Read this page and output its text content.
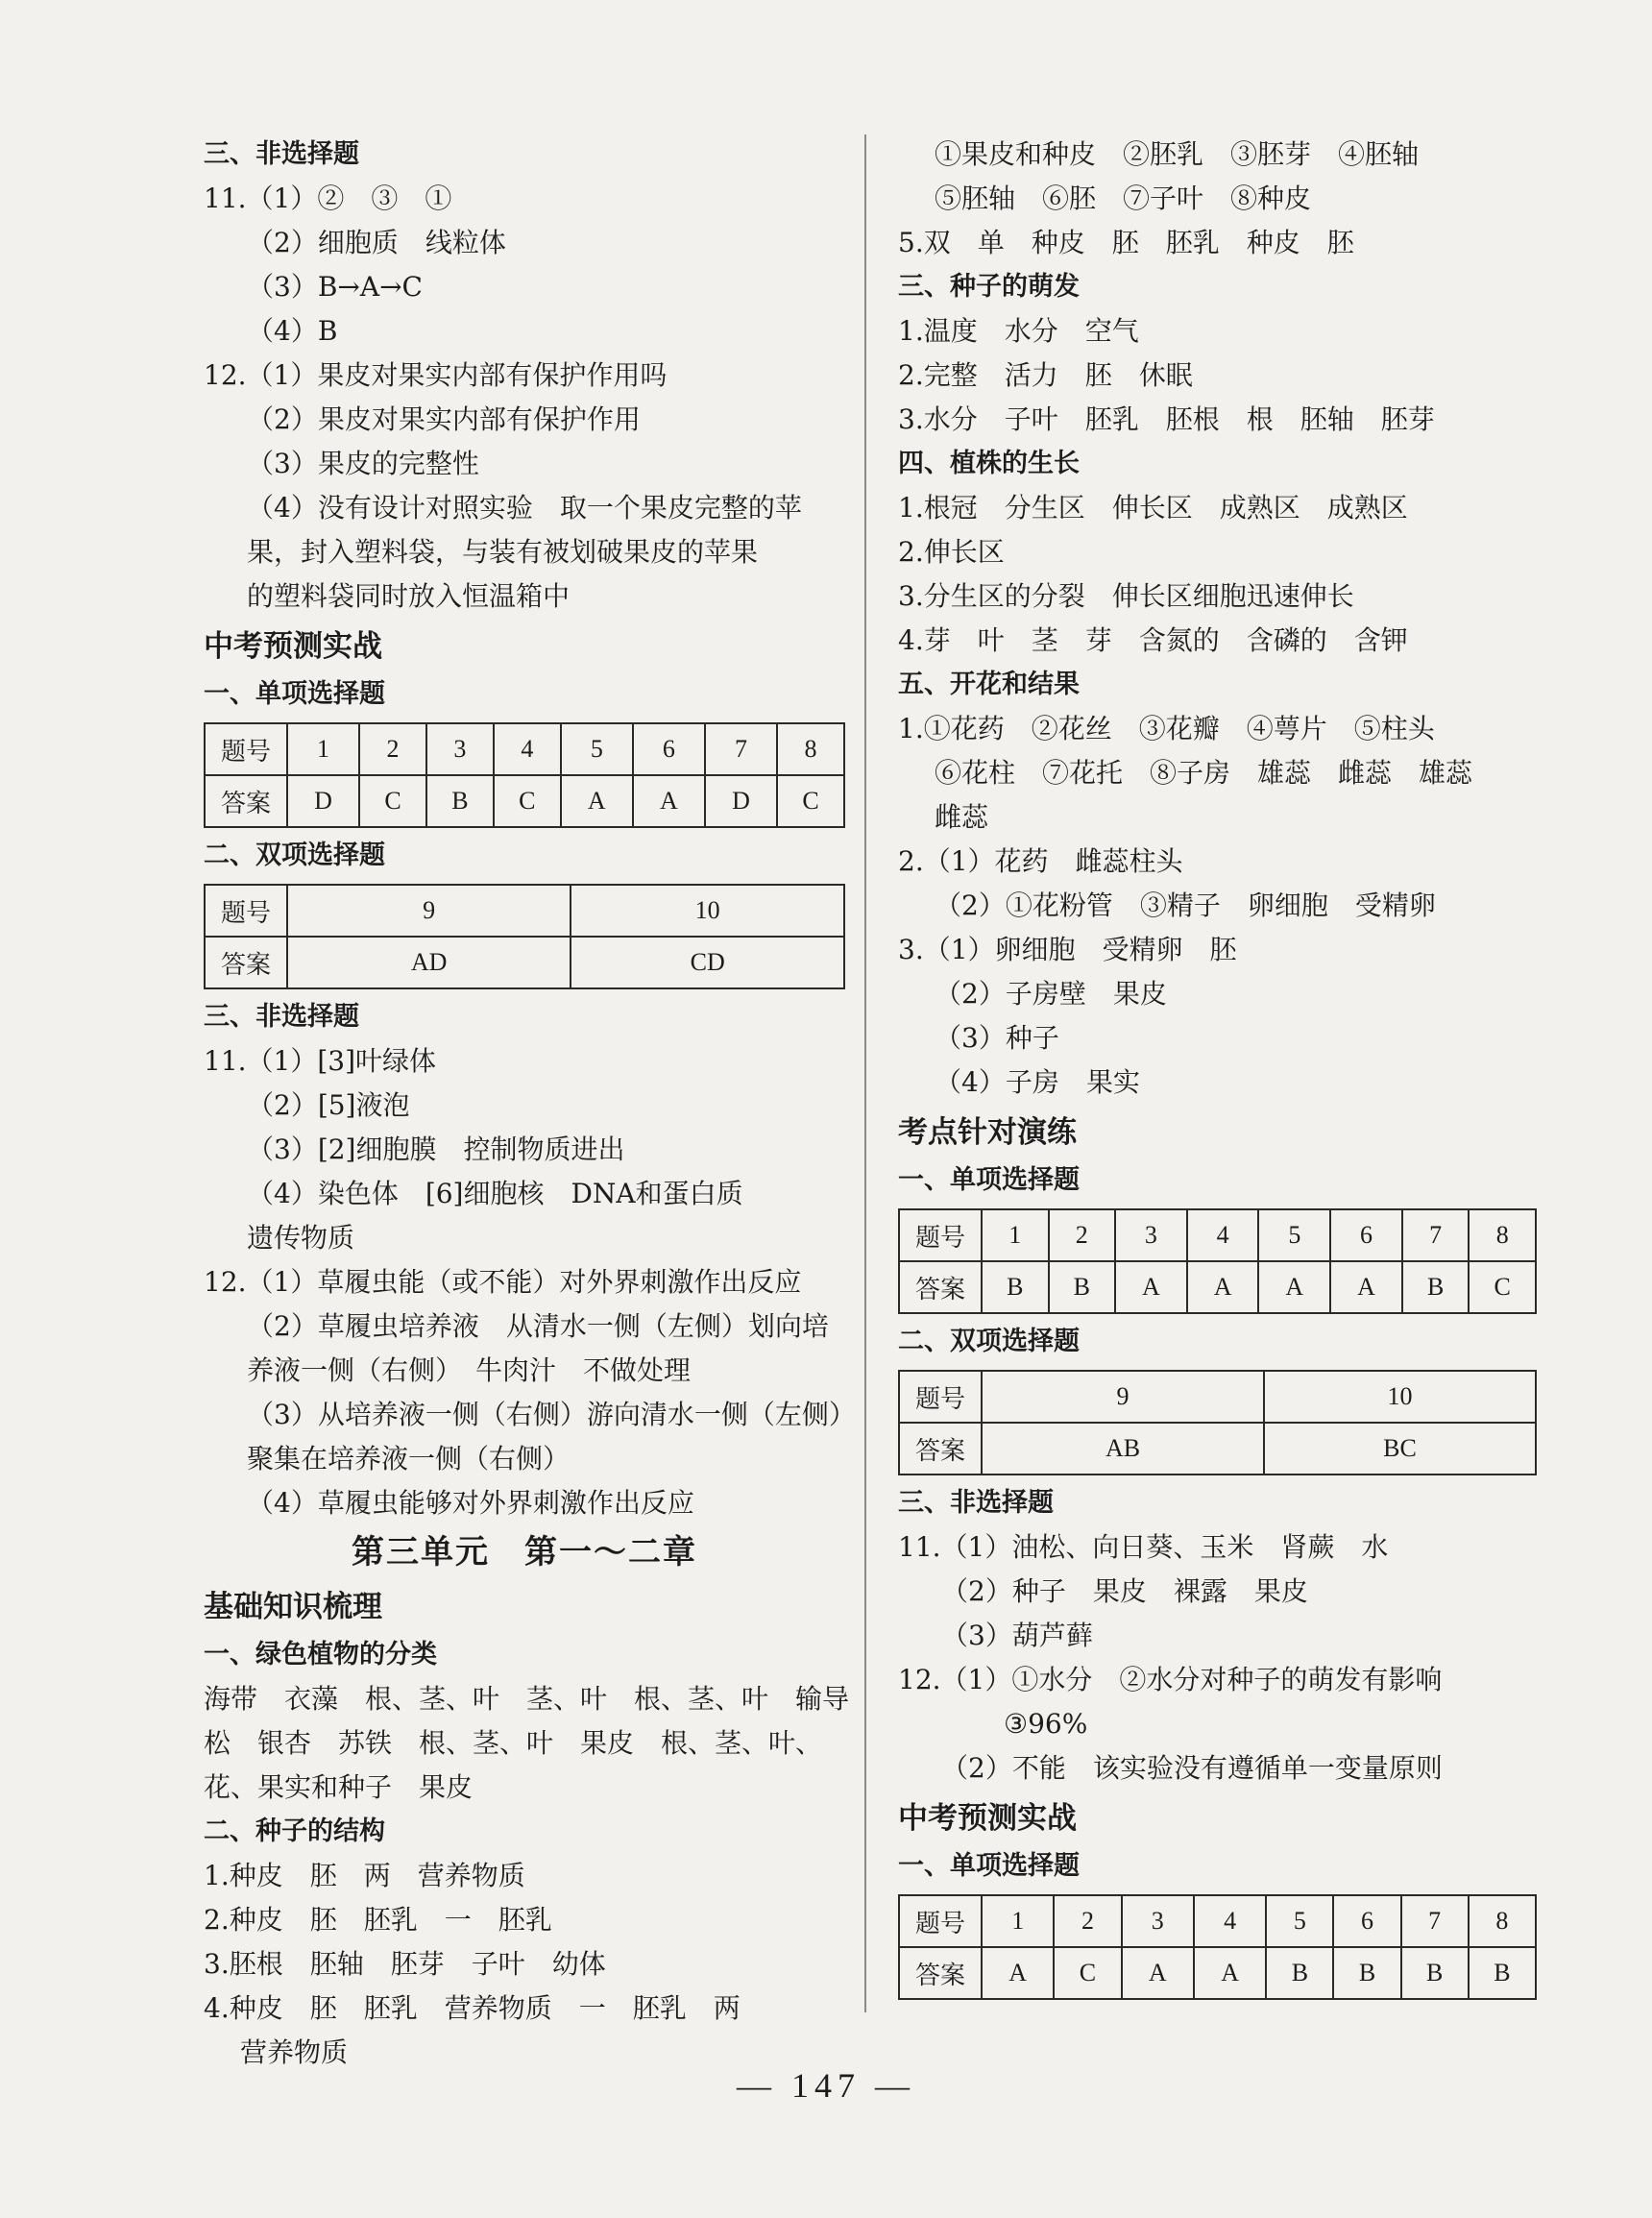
三、非选择题
11.（1）②　③　①
（2）细胞质　线粒体
（3）B→A→C
（4）B
12.（1）果皮对果实内部有保护作用吗
（2）果皮对果实内部有保护作用
（3）果皮的完整性
（4）没有设计对照实验　取一个果皮完整的苹
果，封入塑料袋，与装有被划破果皮的苹果
的塑料袋同时放入恒温箱中
中考预测实战
一、单项选择题
题号	1	2	3	4	5	6	7	8
答案	D	C	B	C	A	A	D	C
二、双项选择题
题号	9	10
答案	AD	CD
三、非选择题
11.（1）[3]叶绿体
（2）[5]液泡
（3）[2]细胞膜　控制物质进出
（4）染色体　[6]细胞核　DNA和蛋白质
遗传物质
12.（1）草履虫能（或不能）对外界刺激作出反应
（2）草履虫培养液　从清水一侧（左侧）划向培
养液一侧（右侧）　牛肉汁　不做处理
（3）从培养液一侧（右侧）游向清水一侧（左侧）
聚集在培养液一侧（右侧）
（4）草履虫能够对外界刺激作出反应
第三单元　第一～二章
基础知识梳理
一、绿色植物的分类
海带　衣藻　根、茎、叶　茎、叶　根、茎、叶　输导
松　银杏　苏铁　根、茎、叶　果皮　根、茎、叶、
花、果实和种子　果皮
二、种子的结构
1.种皮　胚　两　营养物质
2.种皮　胚　胚乳　一　胚乳
3.胚根　胚轴　胚芽　子叶　幼体
4.种皮　胚　胚乳　营养物质　一　胚乳　两
营养物质
①果皮和种皮　②胚乳　③胚芽　④胚轴
⑤胚轴　⑥胚　⑦子叶　⑧种皮
5.双　单　种皮　胚　胚乳　种皮　胚
三、种子的萌发
1.温度　水分　空气
2.完整　活力　胚　休眠
3.水分　子叶　胚乳　胚根　根　胚轴　胚芽
四、植株的生长
1.根冠　分生区　伸长区　成熟区　成熟区
2.伸长区
3.分生区的分裂　伸长区细胞迅速伸长
4.芽　叶　茎　芽　含氮的　含磷的　含钾
五、开花和结果
1.①花药　②花丝　③花瓣　④萼片　⑤柱头
⑥花柱　⑦花托　⑧子房　雄蕊　雌蕊　雄蕊
雌蕊
2.（1）花药　雌蕊柱头
（2）①花粉管　③精子　卵细胞　受精卵
3.（1）卵细胞　受精卵　胚
（2）子房壁　果皮
（3）种子
（4）子房　果实
考点针对演练
一、单项选择题
题号	1	2	3	4	5	6	7	8
答案	B	B	A	A	A	A	B	C
二、双项选择题
题号	9	10
答案	AB	BC
三、非选择题
11.（1）油松、向日葵、玉米　肾蕨　水
（2）种子　果皮　裸露　果皮
（3）葫芦藓
12.（1）①水分　②水分对种子的萌发有影响
③96%
（2）不能　该实验没有遵循单一变量原则
中考预测实战
一、单项选择题
题号	1	2	3	4	5	6	7	8
答案	A	C	A	A	B	B	B	B
— 147 —
